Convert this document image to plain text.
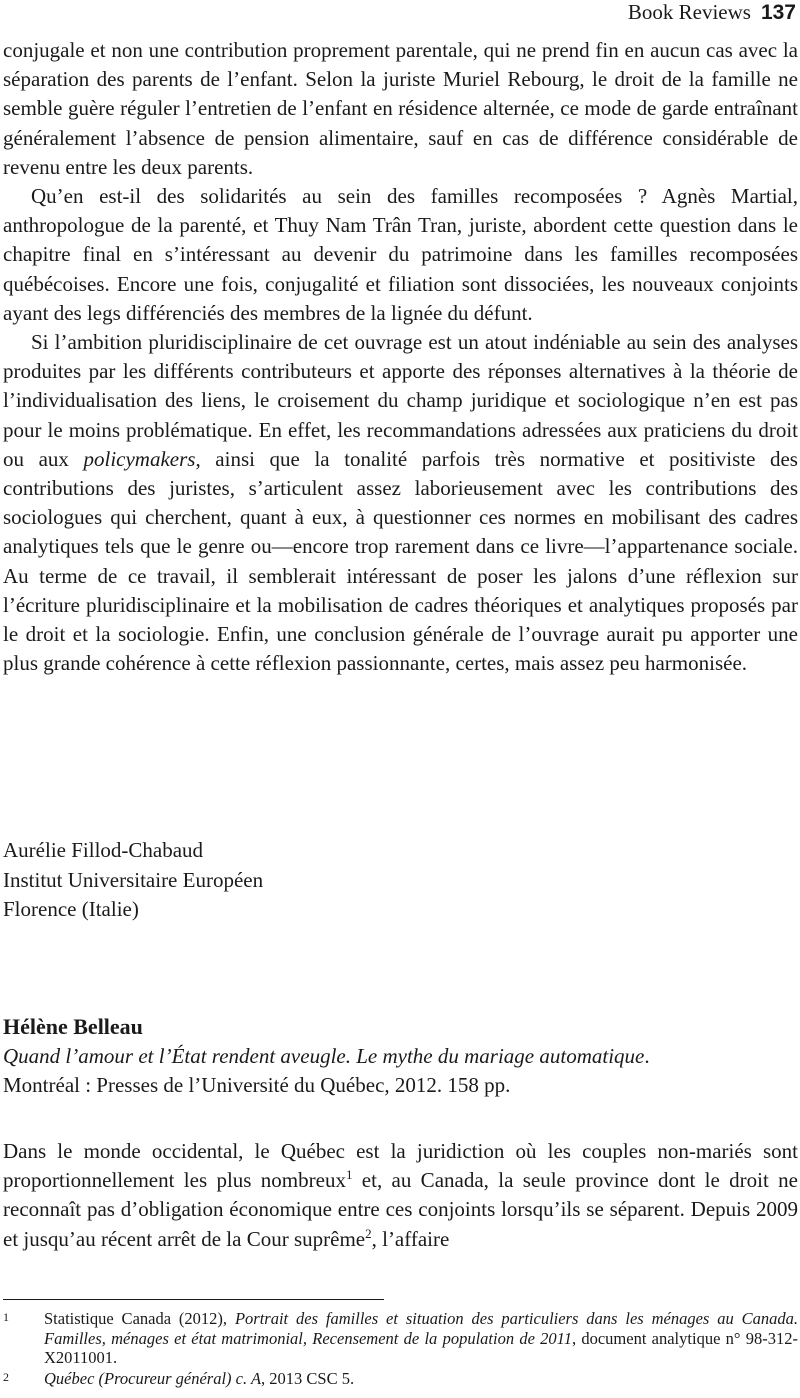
Book Reviews 137

conjugale et non une contribution proprement parentale, qui ne prend fin en aucun cas avec la séparation des parents de l’enfant. Selon la juriste Muriel Rebourg, le droit de la famille ne semble guère réguler l’entretien de l’enfant en résidence alternée, ce mode de garde entraînant généralement l’absence de pension alimentaire, sauf en cas de différence considérable de revenu entre les deux parents.

Qu’en est-il des solidarités au sein des familles recomposées ? Agnès Martial, anthropologue de la parenté, et Thuy Nam Trân Tran, juriste, abordent cette question dans le chapitre final en s’intéressant au devenir du patrimoine dans les familles recomposées québécoises. Encore une fois, conjugalité et filiation sont dissociées, les nouveaux conjoints ayant des legs différenciés des membres de la lignée du défunt.

Si l’ambition pluridisciplinaire de cet ouvrage est un atout indéniable au sein des analyses produites par les différents contributeurs et apporte des réponses alternatives à la théorie de l’individualisation des liens, le croisement du champ juridique et sociologique n’en est pas pour le moins problématique. En effet, les recommandations adressées aux praticiens du droit ou aux policymakers, ainsi que la tonalité parfois très normative et positiviste des contributions des juristes, s’articulent assez laborieusement avec les contributions des sociologues qui cherchent, quant à eux, à questionner ces normes en mobilisant des cadres analytiques tels que le genre ou—encore trop rarement dans ce livre—l’appartenance sociale. Au terme de ce travail, il semblerait intéressant de poser les jalons d’une réflexion sur l’écriture pluridisciplinaire et la mobilisation de cadres théoriques et analytiques proposés par le droit et la sociologie. Enfin, une conclusion générale de l’ouvrage aurait pu apporter une plus grande cohérence à cette réflexion passionnante, certes, mais assez peu harmonisée.

Aurélie Fillod-Chabaud
Institut Universitaire Européen
Florence (Italie)
Hélène Belleau
Quand l’amour et l’État rendent aveugle. Le mythe du mariage automatique.
Montréal : Presses de l’Université du Québec, 2012. 158 pp.

Dans le monde occidental, le Québec est la juridiction où les couples non-mariés sont proportionnellement les plus nombreux$^1$ et, au Canada, la seule province dont le droit ne reconnaît pas d’obligation économique entre ces conjoints lorsqu’ils se séparent. Depuis 2009 et jusqu’au récent arrêt de la Cour suprême$^2$, l’affaire

1 Statistique Canada (2012), Portrait des familles et situation des particuliers dans les ménages au Canada. Familles, ménages et état matrimonial, Recensement de la population de 2011, document analytique n° 98-312-X2011001.
2 Québec (Procureur général) c. A, 2013 CSC 5.
